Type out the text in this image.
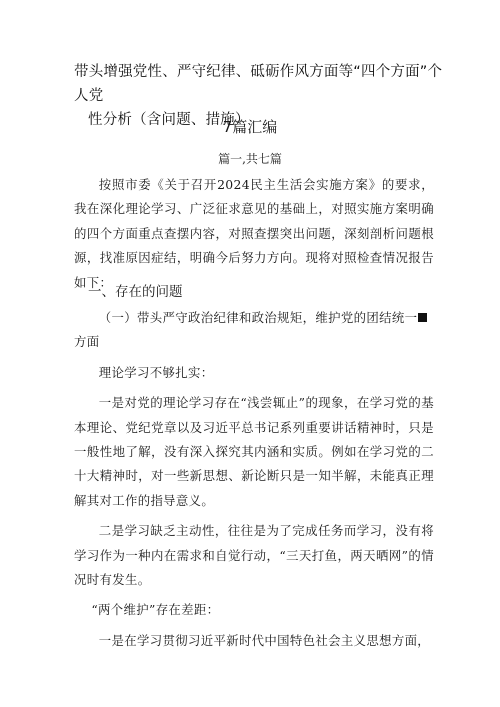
带头增强党性、严守纪律、砥砺作风方面等“四个方面”个人党
性分析（含问题、措施）
7篇汇编
篇一,共七篇

按照市委《关于召开2024民主生活会实施方案》的要求，我在深化理论学习、广泛征求意见的基础上，对照实施方案明确的四个方面重点查摆内容，对照查摆突出问题，深刻剖析问题根源，找准原因症结，明确今后努力方向。现将对照检查情况报告如下：

一、存在的问题

（一）带头严守政治纪律和政治规矩，维护党的团结统一

方面

理论学习不够扎实：

一是对党的理论学习存在“浅尝辄止”的现象，在学习党的基本理论、党纪党章以及习近平总书记系列重要讲话精神时，只是一般性地了解，没有深入探究其内涵和实质。例如在学习党的二十大精神时，对一些新思想、新论断只是一知半解，未能真正理解其对工作的指导意义。

二是学习缺乏主动性，往往是为了完成任务而学习，没有将学习作为一种内在需求和自觉行动，“三天打鱼，两天晒网”的情况时有发生。

“两个维护”存在差距：

一是在学习贯彻习近平新时代中国特色社会主义思想方面，
